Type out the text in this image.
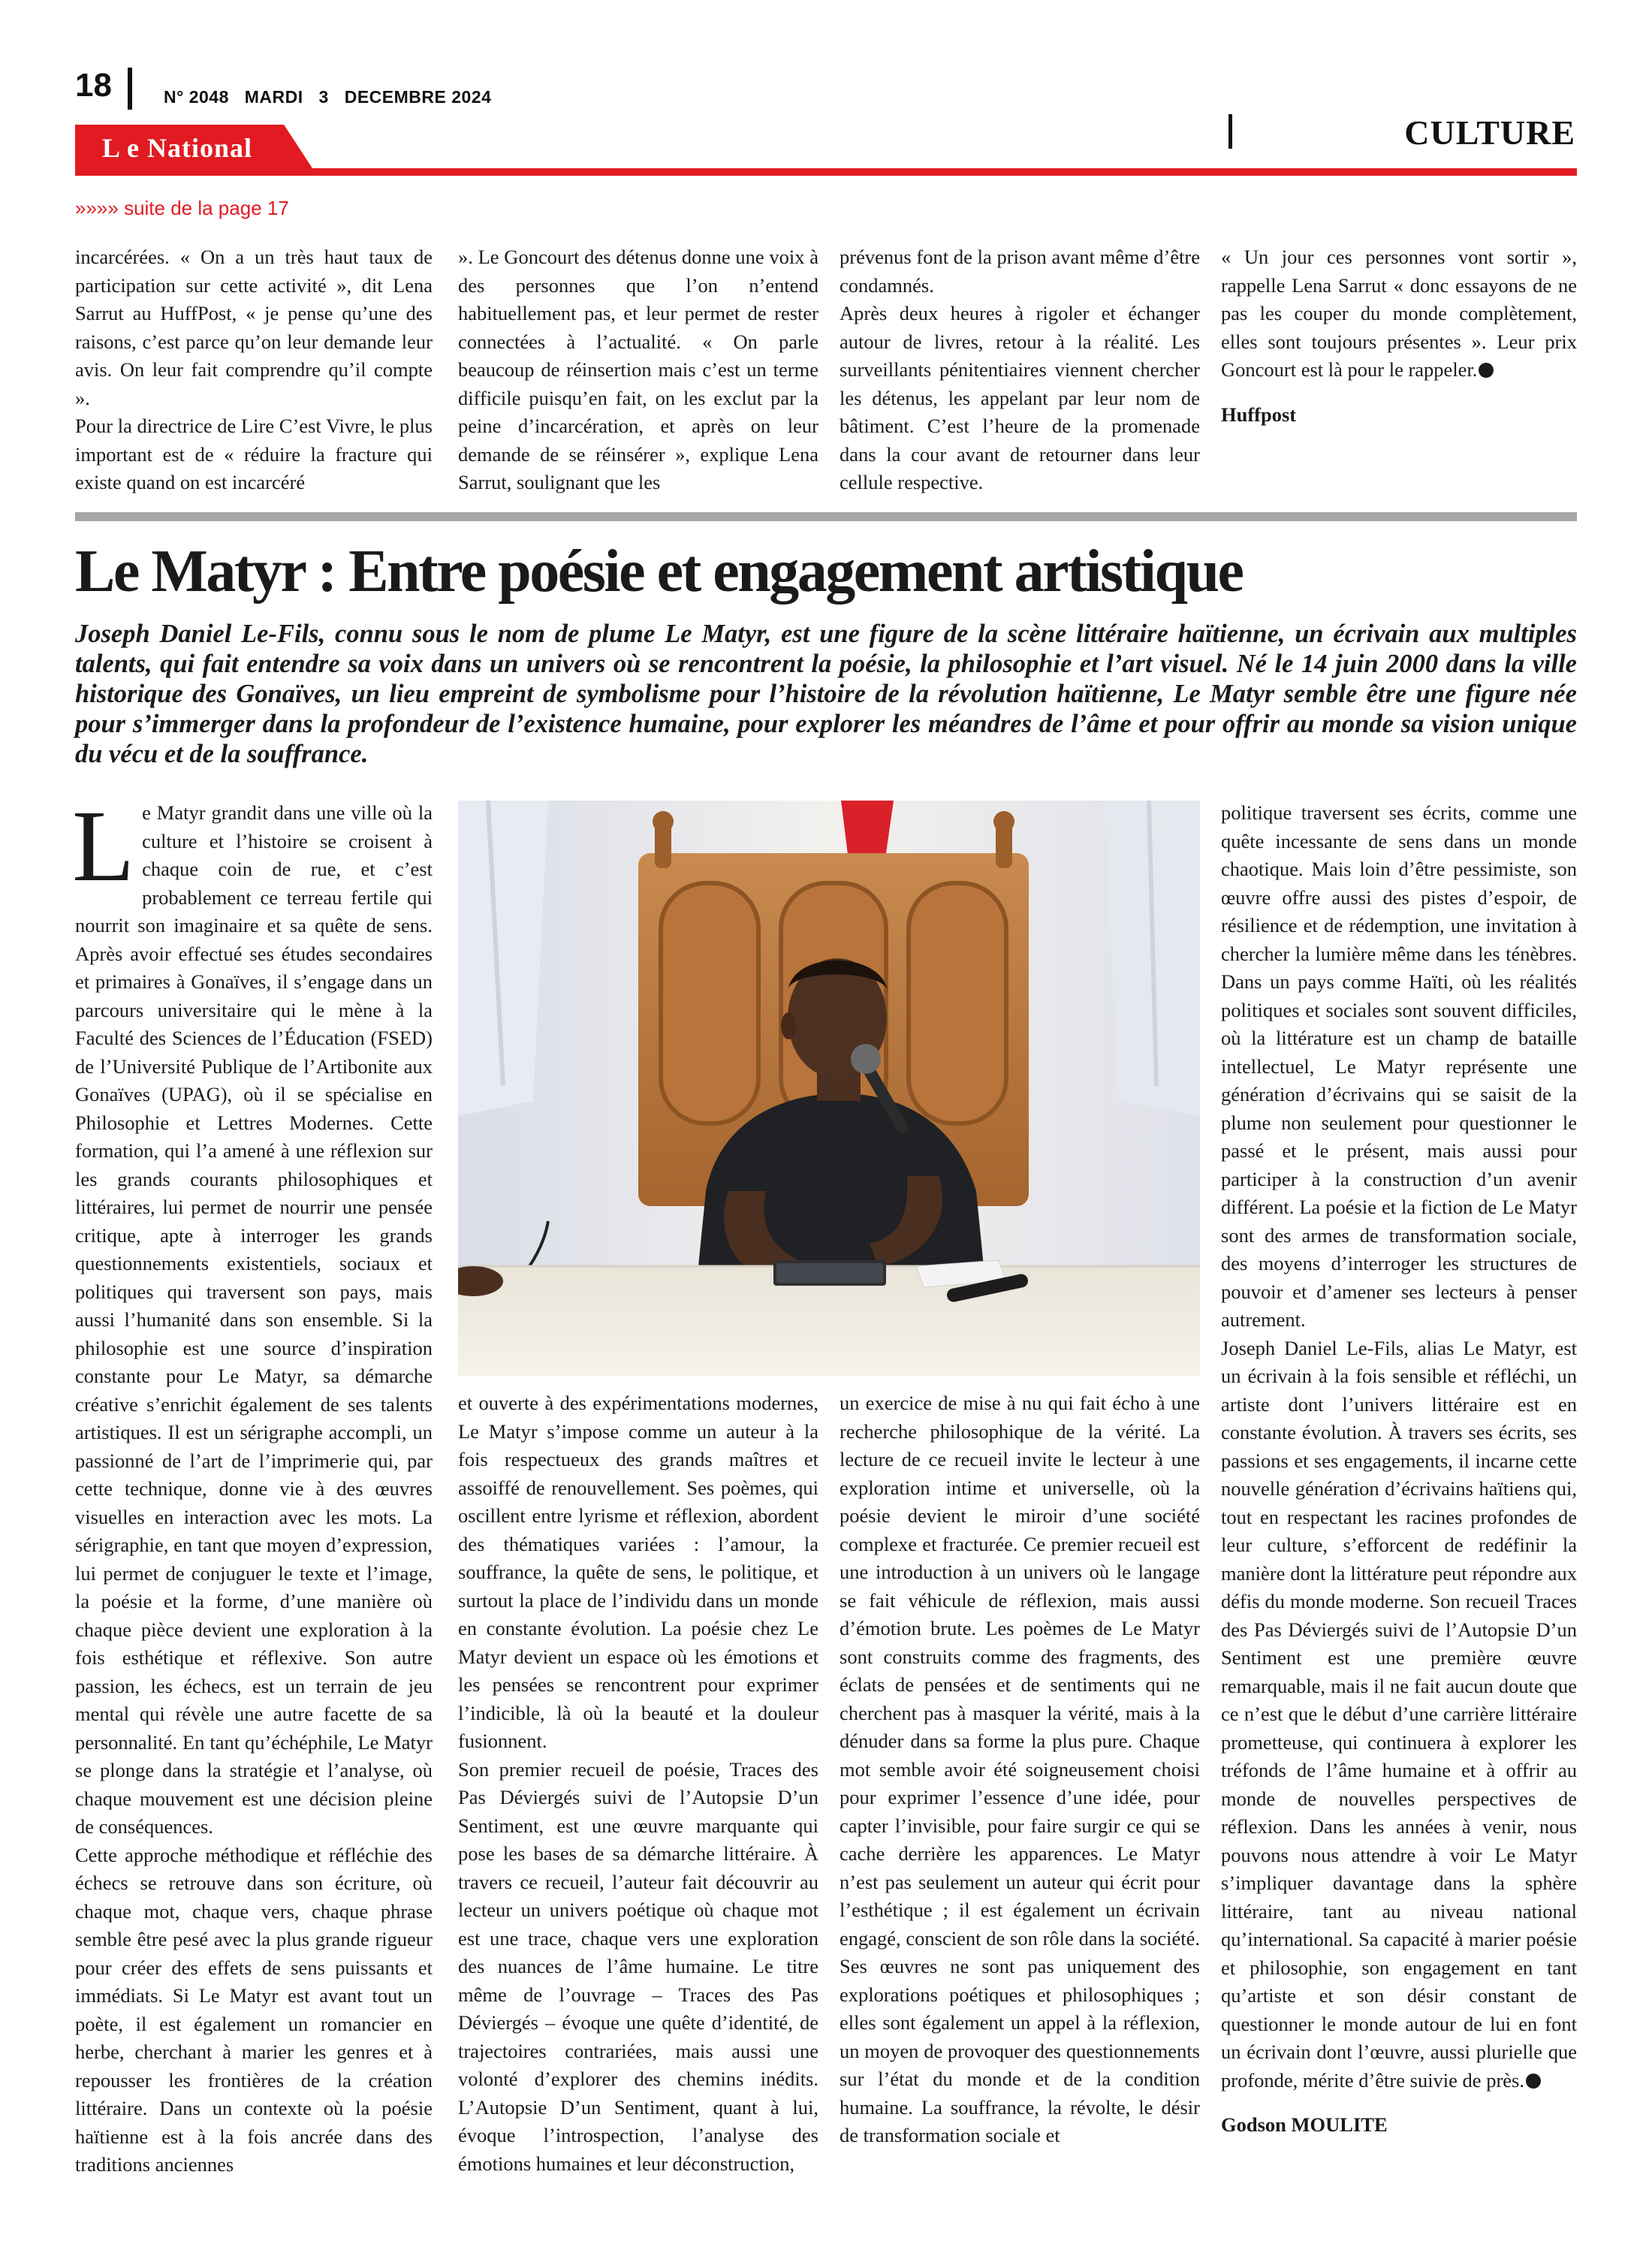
18	N° 2048 MARDI 3 DECEMBRE 2024
CULTURE
L e National
»»»» suite de la page 17

incarcérées. « On a un très haut taux de participation sur cette activité », dit Lena Sarrut au HuffPost, « je pense qu’une des raisons, c’est parce qu’on leur demande leur avis. On leur fait comprendre qu’il compte ».

Pour la directrice de Lire C’est Vivre, le plus important est de « réduire la fracture qui existe quand on est incarcéré

». Le Goncourt des détenus donne une voix à des personnes que l’on n’entend habituellement pas, et leur permet de rester connectées à l’actualité. « On parle beaucoup de réinsertion mais c’est un terme difficile puisqu’en fait, on les exclut par la peine d’incarcération, et après on leur demande de se réinsérer », explique Lena Sarrut, soulignant que les

prévenus font de la prison avant même d’être condamnés.

Après deux heures à rigoler et échanger autour de livres, retour à la réalité. Les surveillants pénitentiaires viennent chercher les détenus, les appelant par leur nom de bâtiment. C’est l’heure de la promenade dans la cour avant de retourner dans leur cellule respective.

« Un jour ces personnes vont sortir », rappelle Lena Sarrut « donc essayons de ne pas les couper du monde complètement, elles sont toujours présentes ». Leur prix Goncourt est là pour le rappeler.

Huffpost

Le Matyr : Entre poésie et engagement artistique
Joseph Daniel Le-Fils, connu sous le nom de plume Le Matyr, est une figure de la scène littéraire haïtienne, un écrivain aux multiples talents, qui fait entendre sa voix dans un univers où se rencontrent la poésie, la philosophie et l’art visuel. Né le 14 juin 2000 dans la ville historique des Gonaïves, un lieu empreint de symbolisme pour l’histoire de la révolution haïtienne, Le Matyr semble être une figure née pour s’immerger dans la profondeur de l’existence humaine, pour explorer les méandres de l’âme et pour offrir au monde sa vision unique du vécu et de la souffrance.

Le Matyr grandit dans une ville où la culture et l’histoire se croisent à chaque coin de rue, et c’est probablement ce terreau fertile qui nourrit son imaginaire et sa quête de sens. Après avoir effectué ses études secondaires et primaires à Gonaïves, il s’engage dans un parcours universitaire qui le mène à la Faculté des Sciences de l’Éducation (FSED) de l’Université Publique de l’Artibonite aux Gonaïves (UPAG), où il se spécialise en Philosophie et Lettres Modernes. Cette formation, qui l’a amené à une réflexion sur les grands courants philosophiques et littéraires, lui permet de nourrir une pensée critique, apte à interroger les grands questionnements existentiels, sociaux et politiques qui traversent son pays, mais aussi l’humanité dans son ensemble. Si la philosophie est une source d’inspiration constante pour Le Matyr, sa démarche créative s’enrichit également de ses talents artistiques. Il est un sérigraphe accompli, un passionné de l’art de l’imprimerie qui, par cette technique, donne vie à des œuvres visuelles en interaction avec les mots. La sérigraphie, en tant que moyen d’expression, lui permet de conjuguer le texte et l’image, la poésie et la forme, d’une manière où chaque pièce devient une exploration à la fois esthétique et réflexive. Son autre passion, les échecs, est un terrain de jeu mental qui révèle une autre facette de sa personnalité. En tant qu’échéphile, Le Matyr se plonge dans la stratégie et l’analyse, où chaque mouvement est une décision pleine de conséquences.

Cette approche méthodique et réfléchie des échecs se retrouve dans son écriture, où chaque mot, chaque vers, chaque phrase semble être pesé avec la plus grande rigueur pour créer des effets de sens puissants et immédiats. Si Le Matyr est avant tout un poète, il est également un romancier en herbe, cherchant à marier les genres et à repousser les frontières de la création littéraire. Dans un contexte où la poésie haïtienne est à la fois ancrée dans des traditions anciennes

et ouverte à des expérimentations modernes, Le Matyr s’impose comme un auteur à la fois respectueux des grands maîtres et assoiffé de renouvellement. Ses poèmes, qui oscillent entre lyrisme et réflexion, abordent des thématiques variées : l’amour, la souffrance, la quête de sens, le politique, et surtout la place de l’individu dans un monde en constante évolution. La poésie chez Le Matyr devient un espace où les émotions et les pensées se rencontrent pour exprimer l’indicible, là où la beauté et la douleur fusionnent.

Son premier recueil de poésie, Traces des Pas Déviergés suivi de l’Autopsie D’un Sentiment, est une œuvre marquante qui pose les bases de sa démarche littéraire. À travers ce recueil, l’auteur fait découvrir au lecteur un univers poétique où chaque mot est une trace, chaque vers une exploration des nuances de l’âme humaine. Le titre même de l’ouvrage – Traces des Pas Déviergés – évoque une quête d’identité, de trajectoires contrariées, mais aussi une volonté d’explorer des chemins inédits. L’Autopsie D’un Sentiment, quant à lui, évoque l’introspection, l’analyse des émotions humaines et leur déconstruction,

un exercice de mise à nu qui fait écho à une recherche philosophique de la vérité. La lecture de ce recueil invite le lecteur à une exploration intime et universelle, où la poésie devient le miroir d’une société complexe et fracturée. Ce premier recueil est une introduction à un univers où le langage se fait véhicule de réflexion, mais aussi d’émotion brute. Les poèmes de Le Matyr sont construits comme des fragments, des éclats de pensées et de sentiments qui ne cherchent pas à masquer la vérité, mais à la dénuder dans sa forme la plus pure. Chaque mot semble avoir été soigneusement choisi pour exprimer l’essence d’une idée, pour capter l’invisible, pour faire surgir ce qui se cache derrière les apparences. Le Matyr n’est pas seulement un auteur qui écrit pour l’esthétique ; il est également un écrivain engagé, conscient de son rôle dans la société. Ses œuvres ne sont pas uniquement des explorations poétiques et philosophiques ; elles sont également un appel à la réflexion, un moyen de provoquer des questionnements sur l’état du monde et de la condition humaine. La souffrance, la révolte, le désir de transformation sociale et

politique traversent ses écrits, comme une quête incessante de sens dans un monde chaotique. Mais loin d’être pessimiste, son œuvre offre aussi des pistes d’espoir, de résilience et de rédemption, une invitation à chercher la lumière même dans les ténèbres. Dans un pays comme Haïti, où les réalités politiques et sociales sont souvent difficiles, où la littérature est un champ de bataille intellectuel, Le Matyr représente une génération d’écrivains qui se saisit de la plume non seulement pour questionner le passé et le présent, mais aussi pour participer à la construction d’un avenir différent. La poésie et la fiction de Le Matyr sont des armes de transformation sociale, des moyens d’interroger les structures de pouvoir et d’amener ses lecteurs à penser autrement.

Joseph Daniel Le-Fils, alias Le Matyr, est un écrivain à la fois sensible et réfléchi, un artiste dont l’univers littéraire est en constante évolution. À travers ses écrits, ses passions et ses engagements, il incarne cette nouvelle génération d’écrivains haïtiens qui, tout en respectant les racines profondes de leur culture, s’efforcent de redéfinir la manière dont la littérature peut répondre aux défis du monde moderne. Son recueil Traces des Pas Déviergés suivi de l’Autopsie D’un Sentiment est une première œuvre remarquable, mais il ne fait aucun doute que ce n’est que le début d’une carrière littéraire prometteuse, qui continuera à explorer les tréfonds de l’âme humaine et à offrir au monde de nouvelles perspectives de réflexion. Dans les années à venir, nous pouvons nous attendre à voir Le Matyr s’impliquer davantage dans la sphère littéraire, tant au niveau national qu’international. Sa capacité à marier poésie et philosophie, son engagement en tant qu’artiste et son désir constant de questionner le monde autour de lui en font un écrivain dont l’œuvre, aussi plurielle que profonde, mérite d’être suivie de près.

Godson MOULITE
